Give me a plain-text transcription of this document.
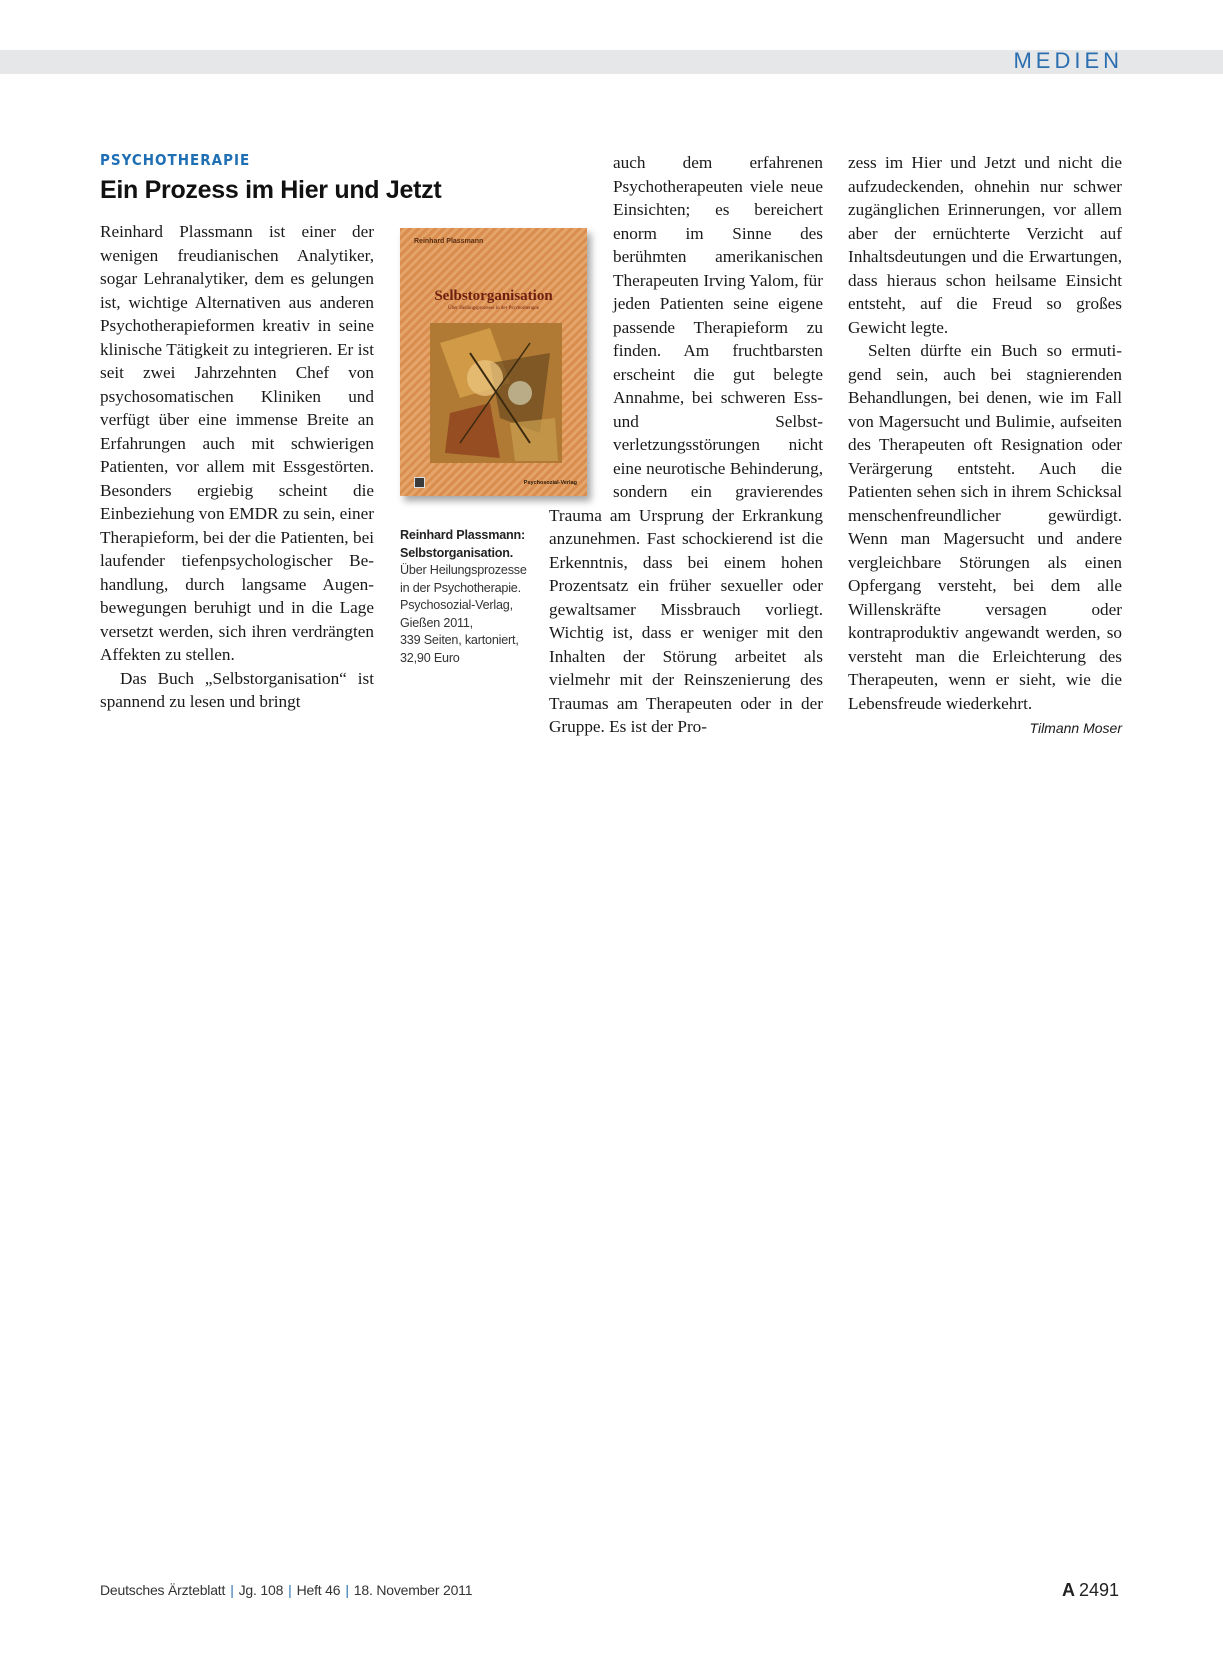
MEDIEN
PSYCHOTHERAPIE
Ein Prozess im Hier und Jetzt

Reinhard Plassmann ist einer der wenigen freudianischen Analytiker, sogar Lehranalytiker, dem es gelungen ist, wichtige Alternativen aus anderen Psychotherapieformen kreativ in seine klinische Tätigkeit zu integrieren. Er ist seit zwei Jahrzehnten Chef von psychosomatischen Kliniken und verfügt über eine immense Breite an Erfahrungen auch mit schwierigen Patienten, vor allem mit Essgestörten. Besonders ergiebig scheint die Einbeziehung von EMDR zu sein, einer Therapieform, bei der die Patienten, bei laufender tiefenpsychologischer Behandlung, durch langsame Augenbewegungen beruhigt und in die Lage versetzt werden, sich ihren verdrängten Affekten zu stellen.

Das Buch „Selbstorganisation“ ist spannend zu lesen und bringt

Reinhard Plassmann
Selbstorganisation
Über Heilungsprozesse in der Psychotherapie
Psychosozial-Verlag
Reinhard Plassmann:
Selbstorganisation.
Über Heilungsprozesse
in der Psychotherapie.
Psychosozial-Verlag,
Gießen 2011,
339 Seiten, kartoniert,
32,90 Euro

auch dem erfahrenen Psychotherapeuten viele neue Einsichten; es bereichert enorm im Sinne des berühmten amerikanischen Therapeuten Irving Yalom, für jeden Patienten seine eigene passende Therapieform zu finden. Am fruchtbarsten erscheint die gut belegte Annahme, bei schweren Ess- und Selbstverletzungsstörungen nicht eine neurotische Behinderung, sondern ein gravierendes Trauma am Ursprung der Erkrankung anzunehmen. Fast schockierend ist die Erkenntnis, dass bei einem hohen Prozentsatz ein früher sexueller oder gewaltsamer Missbrauch vorliegt. Wichtig ist, dass er weniger mit den Inhalten der Störung arbeitet als vielmehr mit der Reinszenierung des Traumas am Therapeuten oder in der Gruppe. Es ist der Pro-

zess im Hier und Jetzt und nicht die aufzudeckenden, ohnehin nur schwer zugänglichen Erinnerungen, vor allem aber der ernüchterte Verzicht auf Inhaltsdeutungen und die Erwartungen, dass hieraus schon heilsame Einsicht entsteht, auf die Freud so großes Gewicht legte.

Selten dürfte ein Buch so ermutigend sein, auch bei stagnierenden Behandlungen, bei denen, wie im Fall von Magersucht und Bulimie, aufseiten des Therapeuten oft Resignation oder Verärgerung entsteht. Auch die Patienten sehen sich in ihrem Schicksal menschenfreundlicher gewürdigt. Wenn man Magersucht und andere vergleichbare Störungen als einen Opfergang versteht, bei dem alle Willenskräfte versagen oder kontraproduktiv angewandt werden, so versteht man die Erleichterung des Therapeuten, wenn er sieht, wie die Lebensfreude wiederkehrt.
Tilmann Moser

Deutsches Ärzteblatt | Jg. 108 | Heft 46 | 18. November 2011	A 2491
